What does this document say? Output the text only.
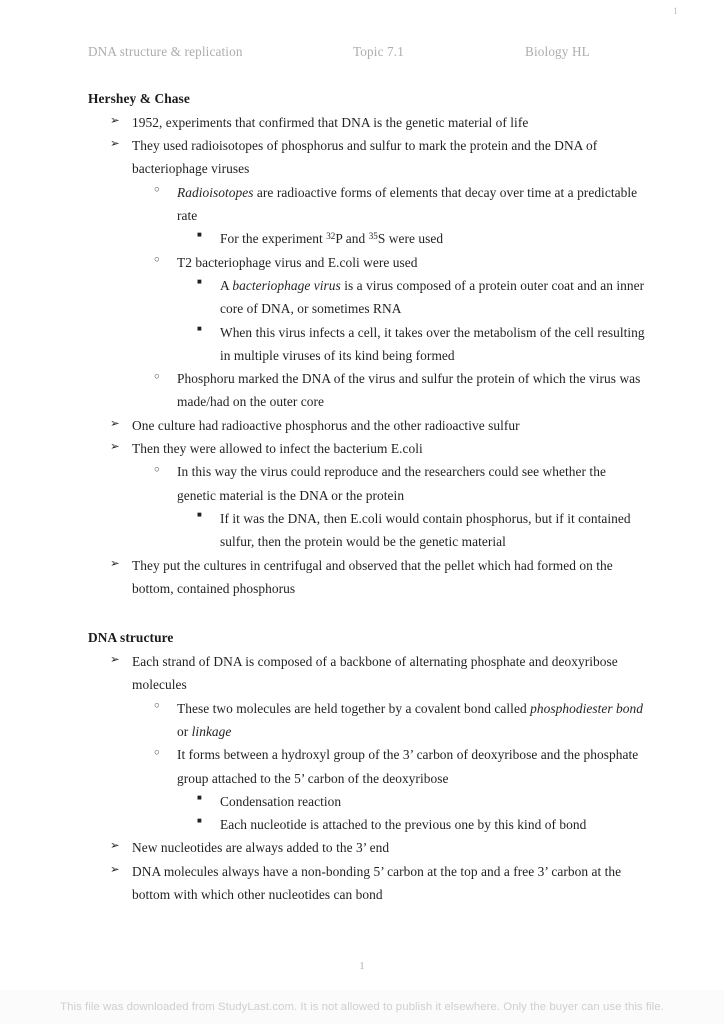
1
DNA structure & replication	Topic 7.1	Biology HL
Hershey & Chase
➢ 1952, experiments that confirmed that DNA is the genetic material of life
➢ They used radioisotopes of phosphorus and sulfur to mark the protein and the DNA of bacteriophage viruses
○ Radioisotopes are radioactive forms of elements that decay over time at a predictable rate
■ For the experiment $^{32}$P and $^{35}$S were used
○ T2 bacteriophage virus and E.coli were used
■ A bacteriophage virus is a virus composed of a protein outer coat and an inner core of DNA, or sometimes RNA
■ When this virus infects a cell, it takes over the metabolism of the cell resulting in multiple viruses of its kind being formed
○ Phosphoru marked the DNA of the virus and sulfur the protein of which the virus was made/had on the outer core
➢ One culture had radioactive phosphorus and the other radioactive sulfur
➢ Then they were allowed to infect the bacterium E.coli
○ In this way the virus could reproduce and the researchers could see whether the genetic material is the DNA or the protein
■ If it was the DNA, then E.coli would contain phosphorus, but if it contained sulfur, then the protein would be the genetic material
➢ They put the cultures in centrifugal and observed that the pellet which had formed on the bottom, contained phosphorus
DNA structure
➢ Each strand of DNA is composed of a backbone of alternating phosphate and deoxyribose molecules
○ These two molecules are held together by a covalent bond called phosphodiester bond or linkage
○ It forms between a hydroxyl group of the 3’ carbon of deoxyribose and the phosphate group attached to the 5’ carbon of the deoxyribose
■ Condensation reaction
■ Each nucleotide is attached to the previous one by this kind of bond
➢ New nucleotides are always added to the 3’ end
➢ DNA molecules always have a non-bonding 5’ carbon at the top and a free 3’ carbon at the bottom with which other nucleotides can bond
1
This file was downloaded from StudyLast.com. It is not allowed to publish it elsewhere. Only the buyer can use this file.
